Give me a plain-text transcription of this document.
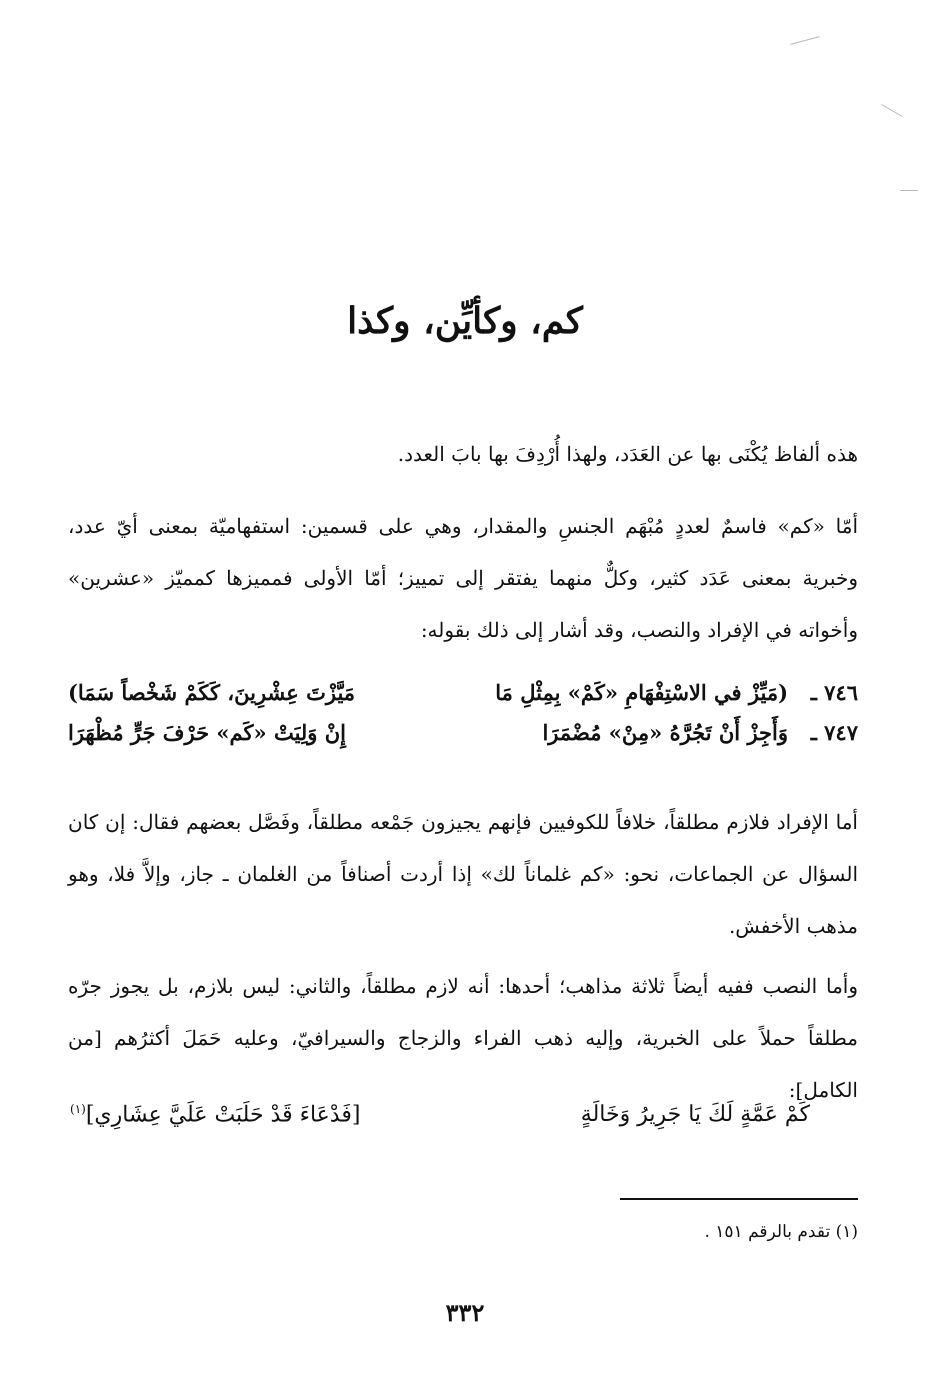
كم، وكأيِّن، وكذا
هذه ألفاظ يُكْنَى بها عن العَدَد، ولهذا أُرْدِفَ بها بابَ العدد.
أمّا «كم» فاسمٌ لعددٍ مُبْهَم الجنسِ والمقدار، وهي على قسمين: استفهاميّة بمعنى أيّ عدد، وخبرية بمعنى عَدَد كثير، وكلٌّ منهما يفتقر إلى تمييز؛ أمّا الأولى فمميزها كمميّز «عشرين» وأخواته في الإفراد والنصب، وقد أشار إلى ذلك بقوله:
٧٤٦ ـ
(مَيِّزْ في الاسْتِفْهَامِ «كَمْ» بِمِثْلِ مَا
مَيَّزْتَ عِشْرِينَ، كَكَمْ شَخْصاً سَمَا)
٧٤٧ ـ
وَأَجِزْ أَنْ تَجُرَّهُ «مِنْ» مُضْمَرَا
إِنْ وَلِيَتْ «كَم» حَرْفَ جَرٍّ مُظْهَرَا
أما الإفراد فلازم مطلقاً، خلافاً للكوفيين فإنهم يجيزون جَمْعه مطلقاً، وفَصَّل بعضهم فقال: إن كان السؤال عن الجماعات، نحو: «كم غلماناً لك» إذا أردت أصنافاً من الغلمان ـ جاز، وإلاَّ فلا، وهو مذهب الأخفش.
وأما النصب ففيه أيضاً ثلاثة مذاهب؛ أحدها: أنه لازم مطلقاً، والثاني: ليس بلازم، بل يجوز جرّه مطلقاً حملاً على الخبرية، وإليه ذهب الفراء والزجاج والسيرافيّ، وعليه حَمَلَ أكثرُهم [من الكامل]:
كَمْ عَمَّةٍ لَكَ يَا جَرِيرُ وَخَالَةٍ
[فَدْعَاءَ قَدْ حَلَبَتْ عَلَيَّ عِشَارِي]$^{(١)}$
(١) تقدم بالرقم ١٥١ .
٣٣٢
